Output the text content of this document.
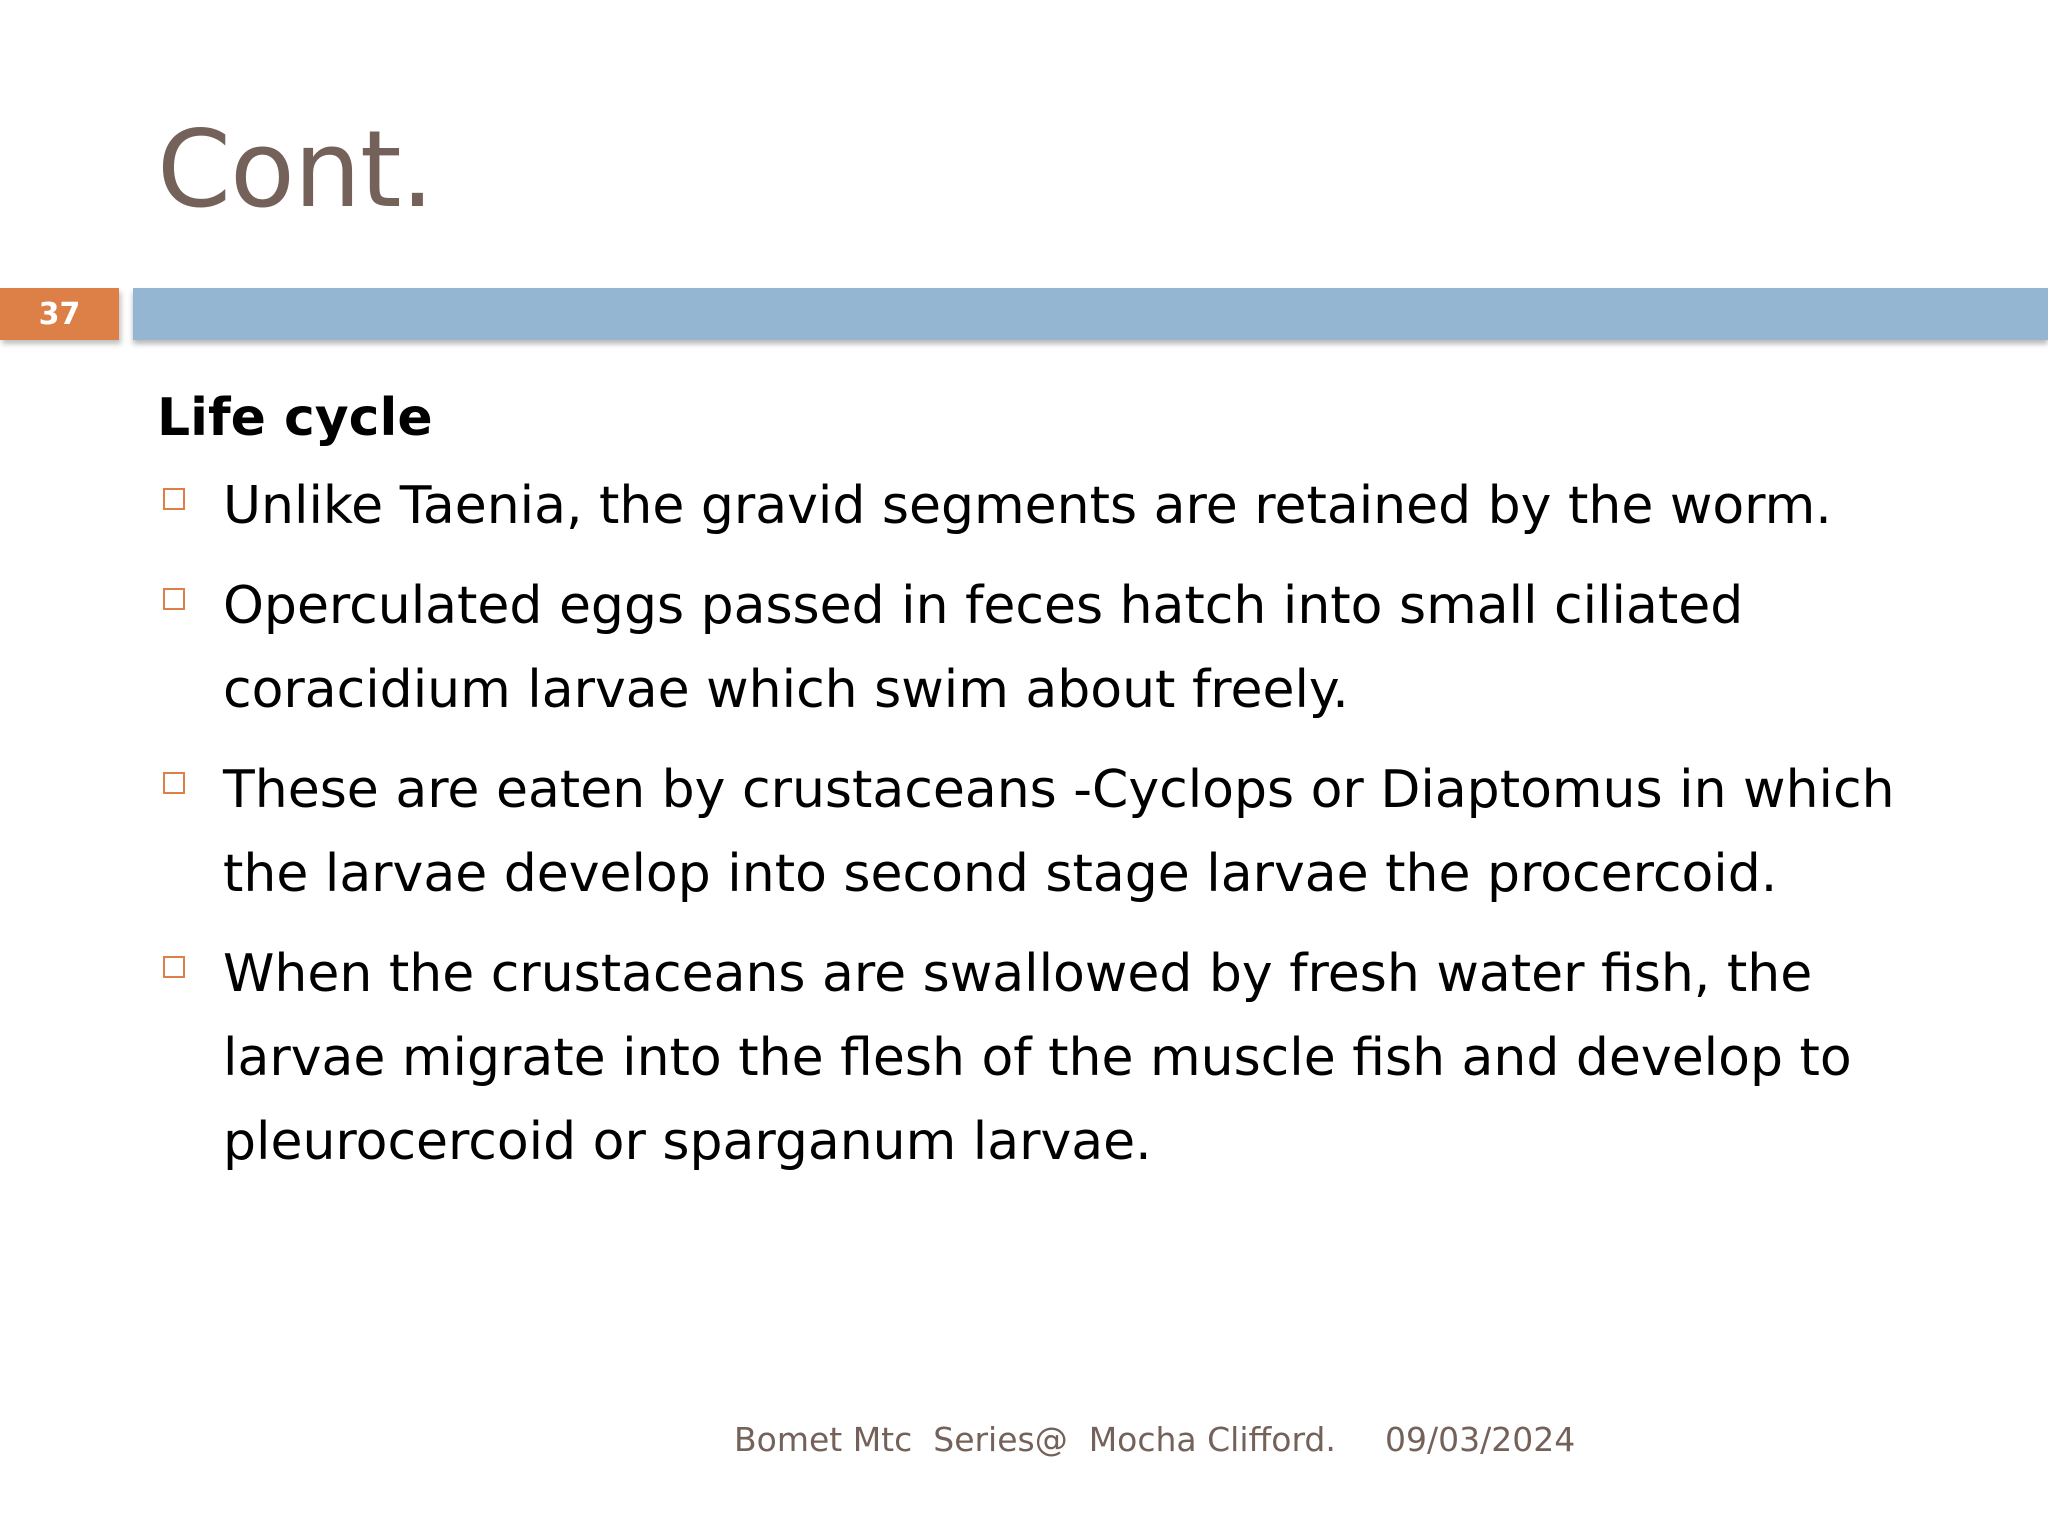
Cont.
37
Life cycle
Unlike Taenia, the gravid segments are retained by the worm.
Operculated eggs passed in feces hatch into small ciliated coracidium larvae which swim about freely.
These are eaten by crustaceans -Cyclops or Diaptomus in which the larvae develop into second stage larvae the procercoid.
When the crustaceans are swallowed by fresh water fish, the larvae migrate into the flesh of the muscle fish and develop to pleurocercoid or sparganum larvae.
Bomet Mtc  Series@  Mocha Clifford. 09/03/2024
